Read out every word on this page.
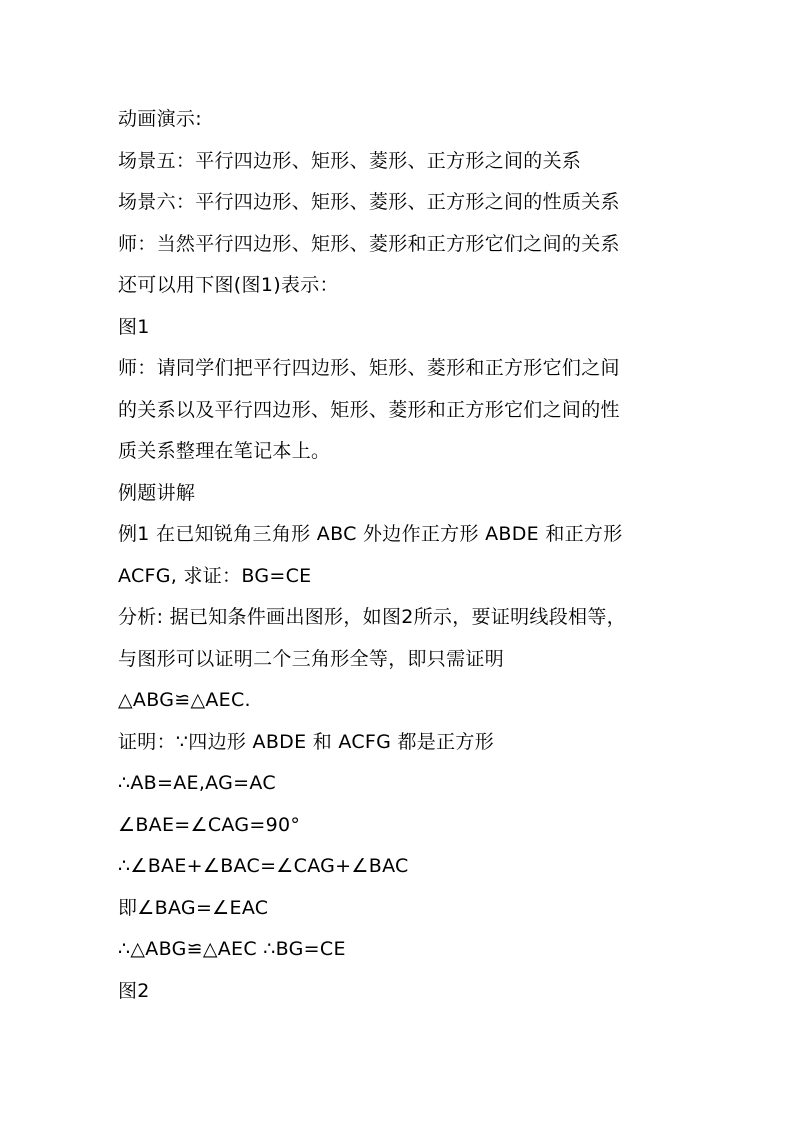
动画演示:
场景五：平行四边形、矩形、菱形、正方形之间的关系
场景六：平行四边形、矩形、菱形、正方形之间的性质关系
师：当然平行四边形、矩形、菱形和正方形它们之间的关系
还可以用下图(图1)表示：
图1
师：请同学们把平行四边形、矩形、菱形和正方形它们之间
的关系以及平行四边形、矩形、菱形和正方形它们之间的性
质关系整理在笔记本上。
例题讲解
例1 在已知锐角三角形 ABC 外边作正方形 ABDE 和正方形
ACFG, 求证：BG=CE
分析: 据已知条件画出图形，如图2所示，要证明线段相等，
与图形可以证明二个三角形全等，即只需证明
△ABG≌△AEC.
证明：∵四边形 ABDE 和 ACFG 都是正方形
∴AB=AE,AG=AC
∠BAE=∠CAG=90°
∴∠BAE+∠BAC=∠CAG+∠BAC
即∠BAG=∠EAC
∴△ABG≌△AEC ∴BG=CE
图2
